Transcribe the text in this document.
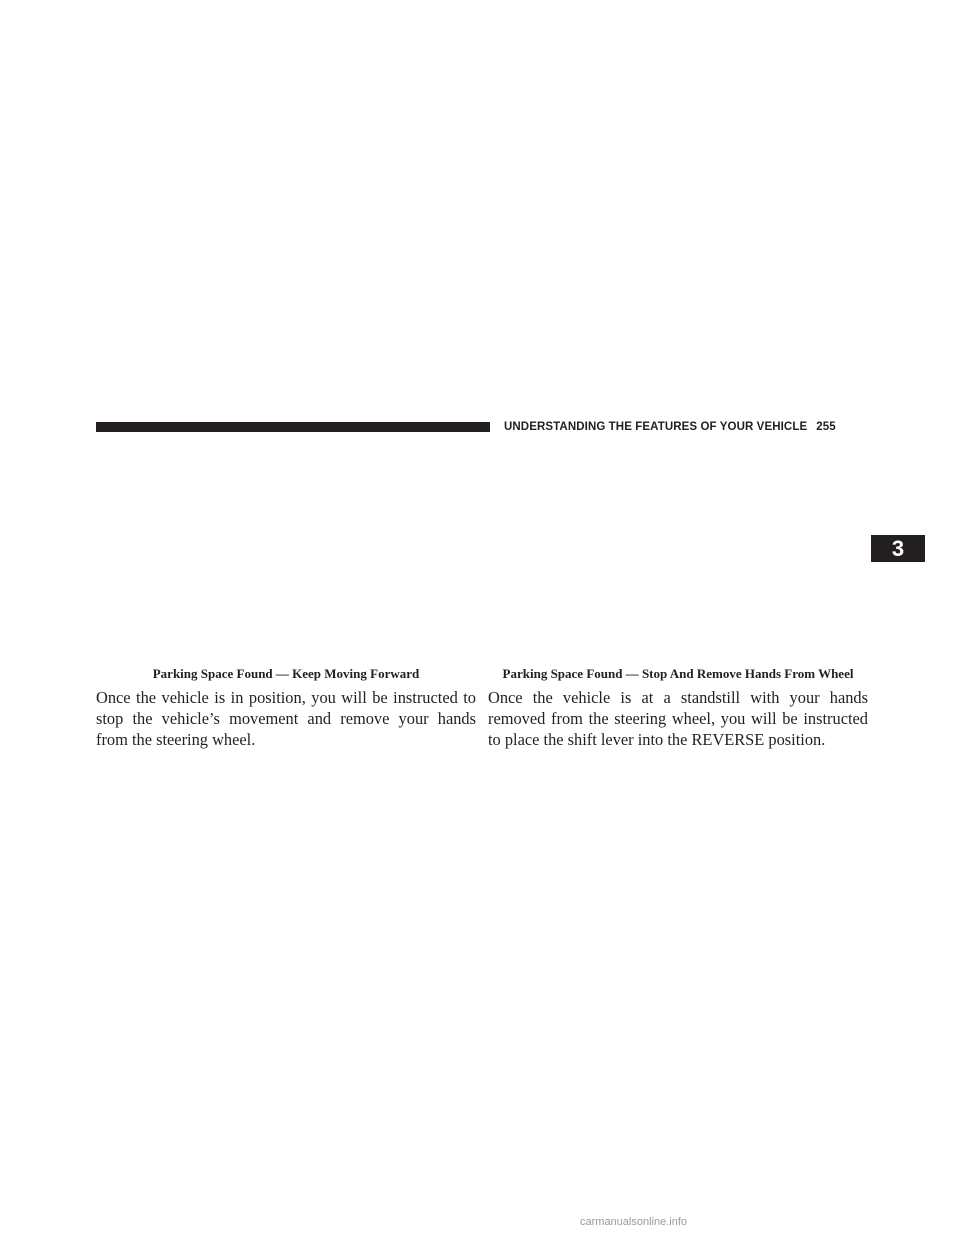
UNDERSTANDING THE FEATURES OF YOUR VEHICLE 255
3

Parking Space Found — Keep Moving Forward

Once the vehicle is in position, you will be instructed to stop the vehicle’s movement and remove your hands from the steering wheel.

Parking Space Found — Stop And Remove Hands From Wheel

Once the vehicle is at a standstill with your hands removed from the steering wheel, you will be instructed to place the shift lever into the REVERSE position.

carmanualsonline.info
